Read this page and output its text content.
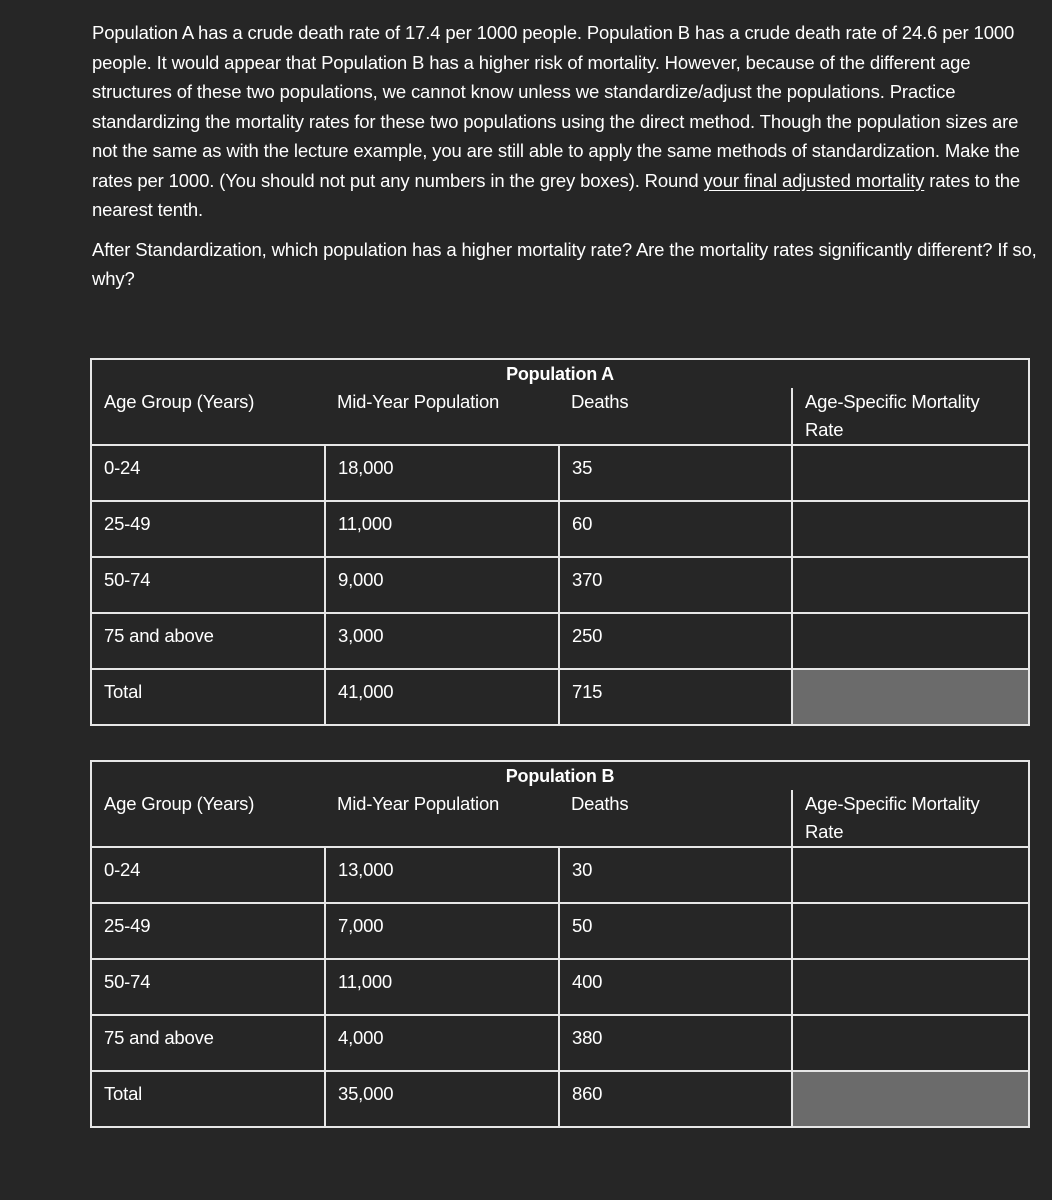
Population A has a crude death rate of 17.4 per 1000 people. Population B has a crude death rate of 24.6 per 1000 people. It would appear that Population B has a higher risk of mortality. However, because of the different age structures of these two populations, we cannot know unless we standardize/adjust the populations. Practice standardizing the mortality rates for these two populations using the direct method. Though the population sizes are not the same as with the lecture example, you are still able to apply the same methods of standardization. Make the rates per 1000. (You should not put any numbers in the grey boxes). Round your final adjusted mortality rates to the nearest tenth.

After Standardization, which population has a higher mortality rate? Are the mortality rates significantly different? If so, why?

Population A			
Age Group (Years)	Mid-Year Population	Deaths	Age-Specific Mortality Rate
0-24	18,000	35	
25-49	11,000	60	
50-74	9,000	370	
75 and above	3,000	250	
Total	41,000	715	
Population B			
Age Group (Years)	Mid-Year Population	Deaths	Age-Specific Mortality Rate
0-24	13,000	30	
25-49	7,000	50	
50-74	11,000	400	
75 and above	4,000	380	
Total	35,000	860	
